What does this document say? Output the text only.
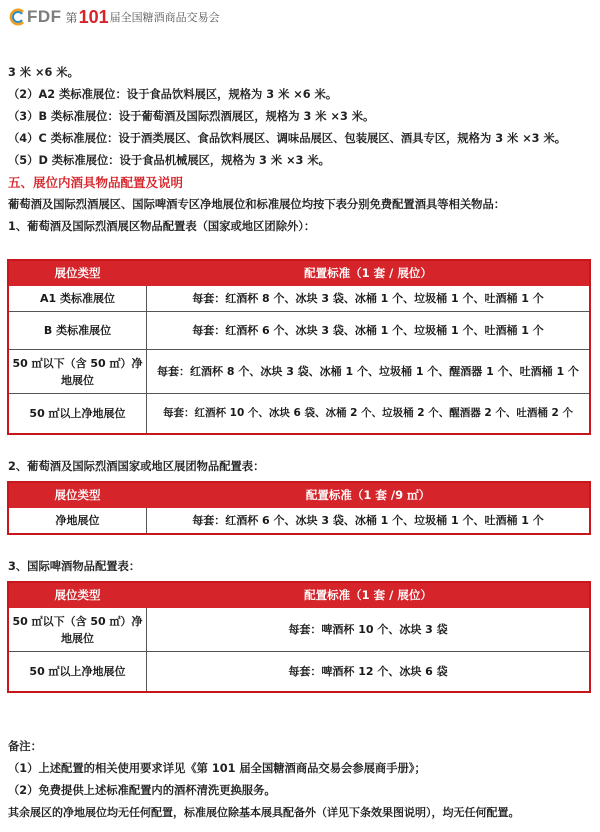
FDF 第 101 届全国糖酒商品交易会
3 米 ×6 米。
（2）A2 类标准展位：设于食品饮料展区，规格为 3 米 ×6 米。
（3）B 类标准展位：设于葡萄酒及国际烈酒展区，规格为 3 米 ×3 米。
（4）C 类标准展位：设于酒类展区、食品饮料展区、调味品展区、包装展区、酒具专区，规格为 3 米 ×3 米。
（5）D 类标准展位：设于食品机械展区，规格为 3 米 ×3 米。
五、展位内酒具物品配置及说明
葡萄酒及国际烈酒展区、国际啤酒专区净地展位和标准展位均按下表分别免费配置酒具等相关物品：
1、葡萄酒及国际烈酒展区物品配置表（国家或地区团除外）：
展位类型	配置标准（1 套 / 展位）
A1 类标准展位	每套：红酒杯 8 个、冰块 3 袋、冰桶 1 个、垃圾桶 1 个、吐酒桶 1 个
B 类标准展位	每套：红酒杯 6 个、冰块 3 袋、冰桶 1 个、垃圾桶 1 个、吐酒桶 1 个
50 ㎡以下（含 50 ㎡）净地展位	每套：红酒杯 8 个、冰块 3 袋、冰桶 1 个、垃圾桶 1 个、醒酒器 1 个、吐酒桶 1 个
50 ㎡以上净地展位	每套：红酒杯 10 个、冰块 6 袋、冰桶 2 个、垃圾桶 2 个、醒酒器 2 个、吐酒桶 2 个
2、葡萄酒及国际烈酒国家或地区展团物品配置表：
展位类型	配置标准（1 套 /9 ㎡）
净地展位	每套：红酒杯 6 个、冰块 3 袋、冰桶 1 个、垃圾桶 1 个、吐酒桶 1 个
3、国际啤酒物品配置表：
展位类型	配置标准（1 套 / 展位）
50 ㎡以下（含 50 ㎡）净地展位	每套：啤酒杯 10 个、冰块 3 袋
50 ㎡以上净地展位	每套：啤酒杯 12 个、冰块 6 袋
备注：
（1）上述配置的相关使用要求详见《第 101 届全国糖酒商品交易会参展商手册》；
（2）免费提供上述标准配置内的酒杯清洗更换服务。
其余展区的净地展位均无任何配置，标准展位除基本展具配备外（详见下条效果图说明），均无任何配置。
